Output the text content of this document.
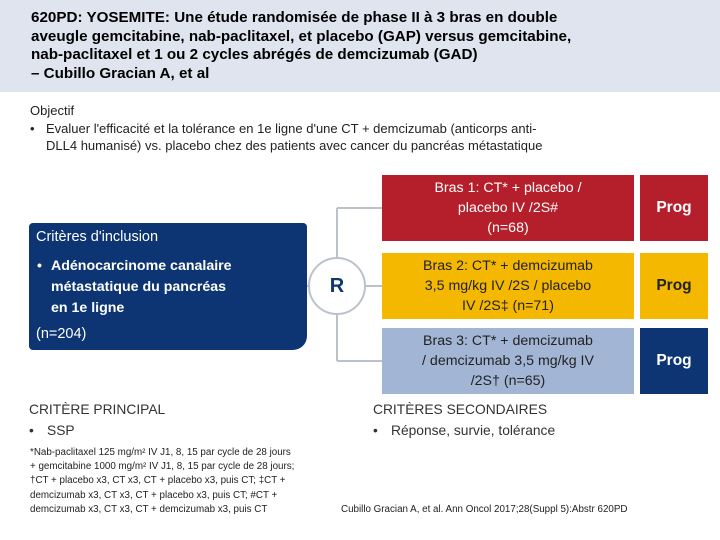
620PD: YOSEMITE: Une étude randomisée de phase II à 3 bras en double
aveugle gemcitabine, nab-paclitaxel, et placebo (GAP) versus gemcitabine,
nab-paclitaxel et 1 ou 2 cycles abrégés de demcizumab (GAD)
– Cubillo Gracian A, et al
Objectif
• Evaluer l'efficacité et la tolérance en 1e ligne d'une CT + demcizumab (anticorps anti-
DLL4 humanisé) vs. placebo chez des patients avec cancer du pancréas métastatique
Critères d'inclusion
• Adénocarcinome canalaire
métastatique du pancréas
en 1e ligne
(n=204)
R
Bras 1: CT* + placebo /
placebo IV /2S#
(n=68)
Bras 2: CT* + demcizumab
3,5 mg/kg IV /2S / placebo
IV /2S‡ (n=71)
Bras 3: CT* + demcizumab
/ demcizumab 3,5 mg/kg IV
/2S† (n=65)
Prog
Prog
Prog
CRITÈRE PRINCIPAL
• SSP
CRITÈRES SECONDAIRES
• Réponse, survie, tolérance
*Nab-paclitaxel 125 mg/m² IV J1, 8, 15 par cycle de 28 jours
+ gemcitabine 1000 mg/m² IV J1, 8, 15 par cycle de 28 jours;
†CT + placebo x3, CT x3, CT + placebo x3, puis CT; ‡CT +
demcizumab x3, CT x3, CT + placebo x3, puis CT; #CT +
demcizumab x3, CT x3, CT + demcizumab x3, puis CT	Cubillo Gracian A, et al. Ann Oncol 2017;28(Suppl 5):Abstr 620PD
